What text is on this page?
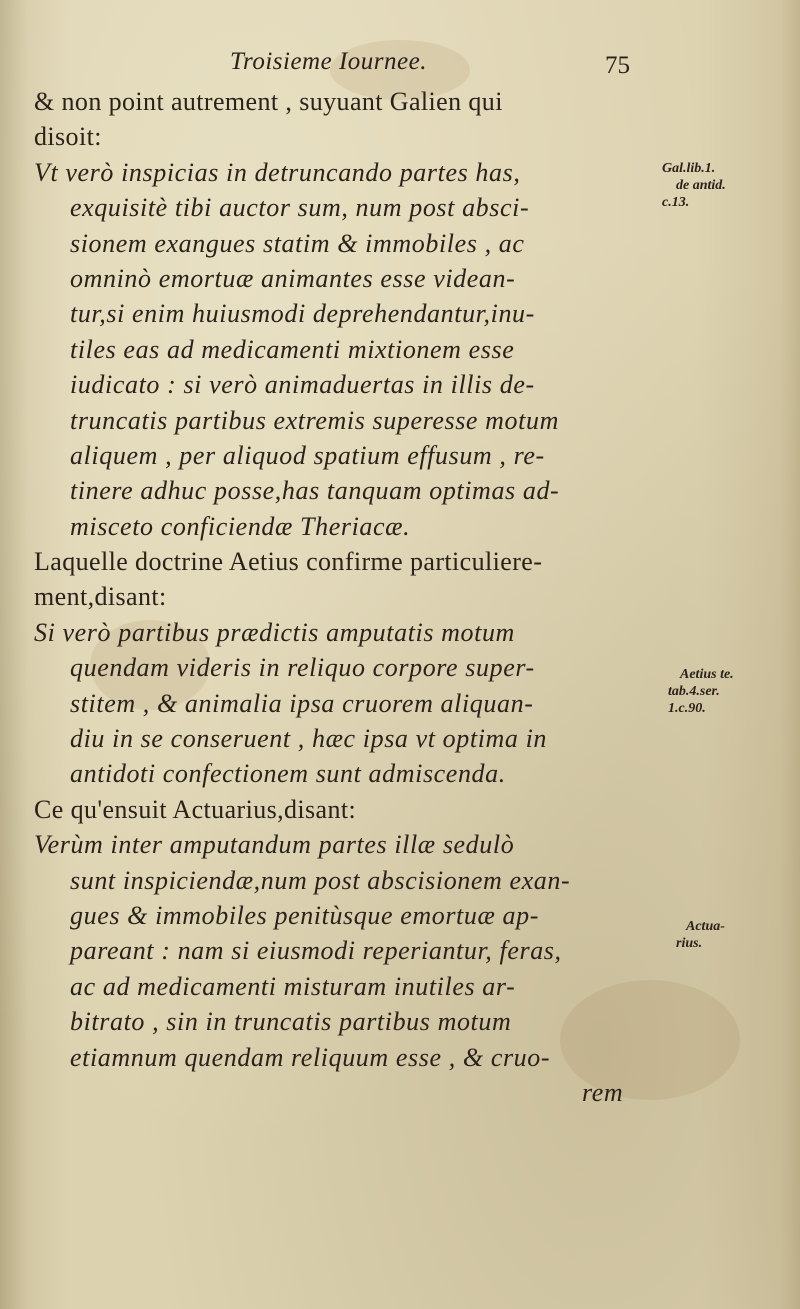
Troisieme Iournee.	75
& non point autrement , suyuant Galien qui
disoit:
Vt verò inspicias in detruncando partes has,
exquisitè tibi auctor sum, num post absci-
sionem exangues statim & immobiles , ac
omninò emortuæ animantes esse videan-
tur,si enim huiusmodi deprehendantur,inu-
tiles eas ad medicamenti mixtionem esse
iudicato : si verò animaduertas in illis de-
truncatis partibus extremis superesse motum
aliquem , per aliquod spatium effusum , re-
tinere adhuc posse,has tanquam optimas ad-
misceto conficiendæ Theriacæ.
Laquelle doctrine Aetius confirme particuliere-
ment,disant:
Si verò partibus prædictis amputatis motum
quendam videris in reliquo corpore super-
stitem , & animalia ipsa cruorem aliquan-
diu in se conseruent , hæc ipsa vt optima in
antidoti confectionem sunt admiscenda.
Ce qu'ensuit Actuarius,disant:
Verùm inter amputandum partes illæ sedulò
sunt inspiciendæ,num post abscisionem exan-
gues & immobiles penitùsque emortuæ ap-
pareant : nam si eiusmodi reperiantur, feras,
ac ad medicamenti misturam inutiles ar-
bitrato , sin in truncatis partibus motum
etiamnum quendam reliquum esse , & cruo-
rem
Gal.lib.1.
de antid.
c.13.
Aetius te.
tab.4.ser.
1.c.90.
Actua-
rius.
